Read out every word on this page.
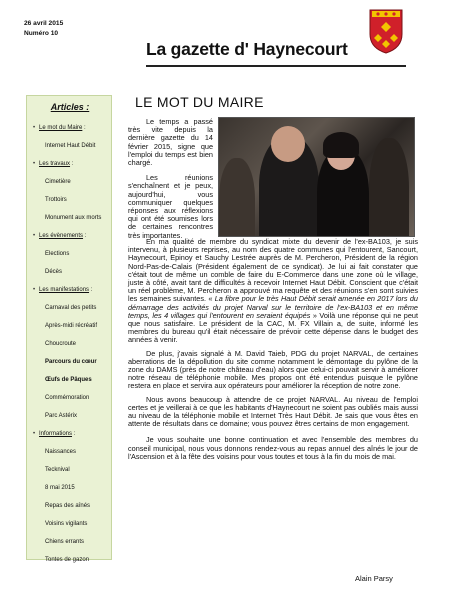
26 avril 2015
Numéro 10
La gazette d' Haynecourt
Articles :
• Le mot du Maire :
Internet Haut Débit
• Les travaux :
Cimetière
Trottoirs
Monument aux morts
• Les évènements :
Elections
Décès
• Les manifestations :
Carnaval des petits
Après-midi récréatif
Choucroute
Parcours du cœur
Œufs de Pâques
Commémoration
Parc Astérix
• Informations :
Naissances
Tecknival
8 mai 2015
Repas des aînés
Voisins vigilants
Chiens errants
Tontes de gazon
LE MOT DU MAIRE

Le temps a passé très vite depuis la dernière gazette du 14 février 2015, signe que l'emploi du temps est bien chargé.

Les réunions s'enchaînent et je peux, aujourd'hui, vous communiquer quelques réponses aux réflexions qui ont été soumises lors de certaines rencontres très importantes.

En ma qualité de membre du syndicat mixte du devenir de l'ex-BA103, je suis intervenu, à plusieurs reprises, au nom des quatre communes qui l'entourent, Sancourt, Haynecourt, Epinoy et Sauchy Lestrée auprès de M. Percheron, Président de la région Nord-Pas-de-Calais (Président également de ce syndicat). Je lui ai fait constater que c'était tout de même un comble de faire du E-Commerce dans une zone où le village, juste à côté, avait tant de difficultés à recevoir Internet Haut Débit. Conscient que c'était un réel problème, M. Percheron a approuvé ma requête et des réunions s'en sont suivies les semaines suivantes. « La fibre pour le très Haut Débit serait amenée en 2017 lors du démarrage des activités du projet Narval sur le territoire de l'ex-BA103 et en même temps, les 4 villages qui l'entourent en seraient équipés » Voilà une réponse qui ne peut que nous satisfaire. Le président de la CAC, M. FX Villain a, de suite, informé les membres du bureau qu'il était nécessaire de prévoir cette dépense dans le budget des années à venir.

De plus, j'avais signalé à M. David Taieb, PDG du projet NARVAL, de certaines aberrations de la dépollution du site comme notamment le démontage du pylône de la zone du DAMS (près de notre château d'eau) alors que celui-ci pouvait servir à améliorer notre réseau de téléphonie mobile. Mes propos ont été entendus puisque le pylône restera en place et servira aux opérateurs pour améliorer la réception de notre zone.

Nous avons beaucoup à attendre de ce projet NARVAL. Au niveau de l'emploi certes et je veillerai à ce que les habitants d'Haynecourt ne soient pas oubliés mais aussi au niveau de la téléphonie mobile et Internet Très Haut Débit. Je sais que vous êtes en attente de résultats dans ce domaine; vous pouvez êtres certains de mon engagement.

Je vous souhaite une bonne continuation et avec l'ensemble des membres du conseil municipal, nous vous donnons rendez-vous au repas annuel des aînés le jour de l'Ascension et à la fête des voisins pour vous toutes et tous à la fin du mois de mai.

Alain Parsy
